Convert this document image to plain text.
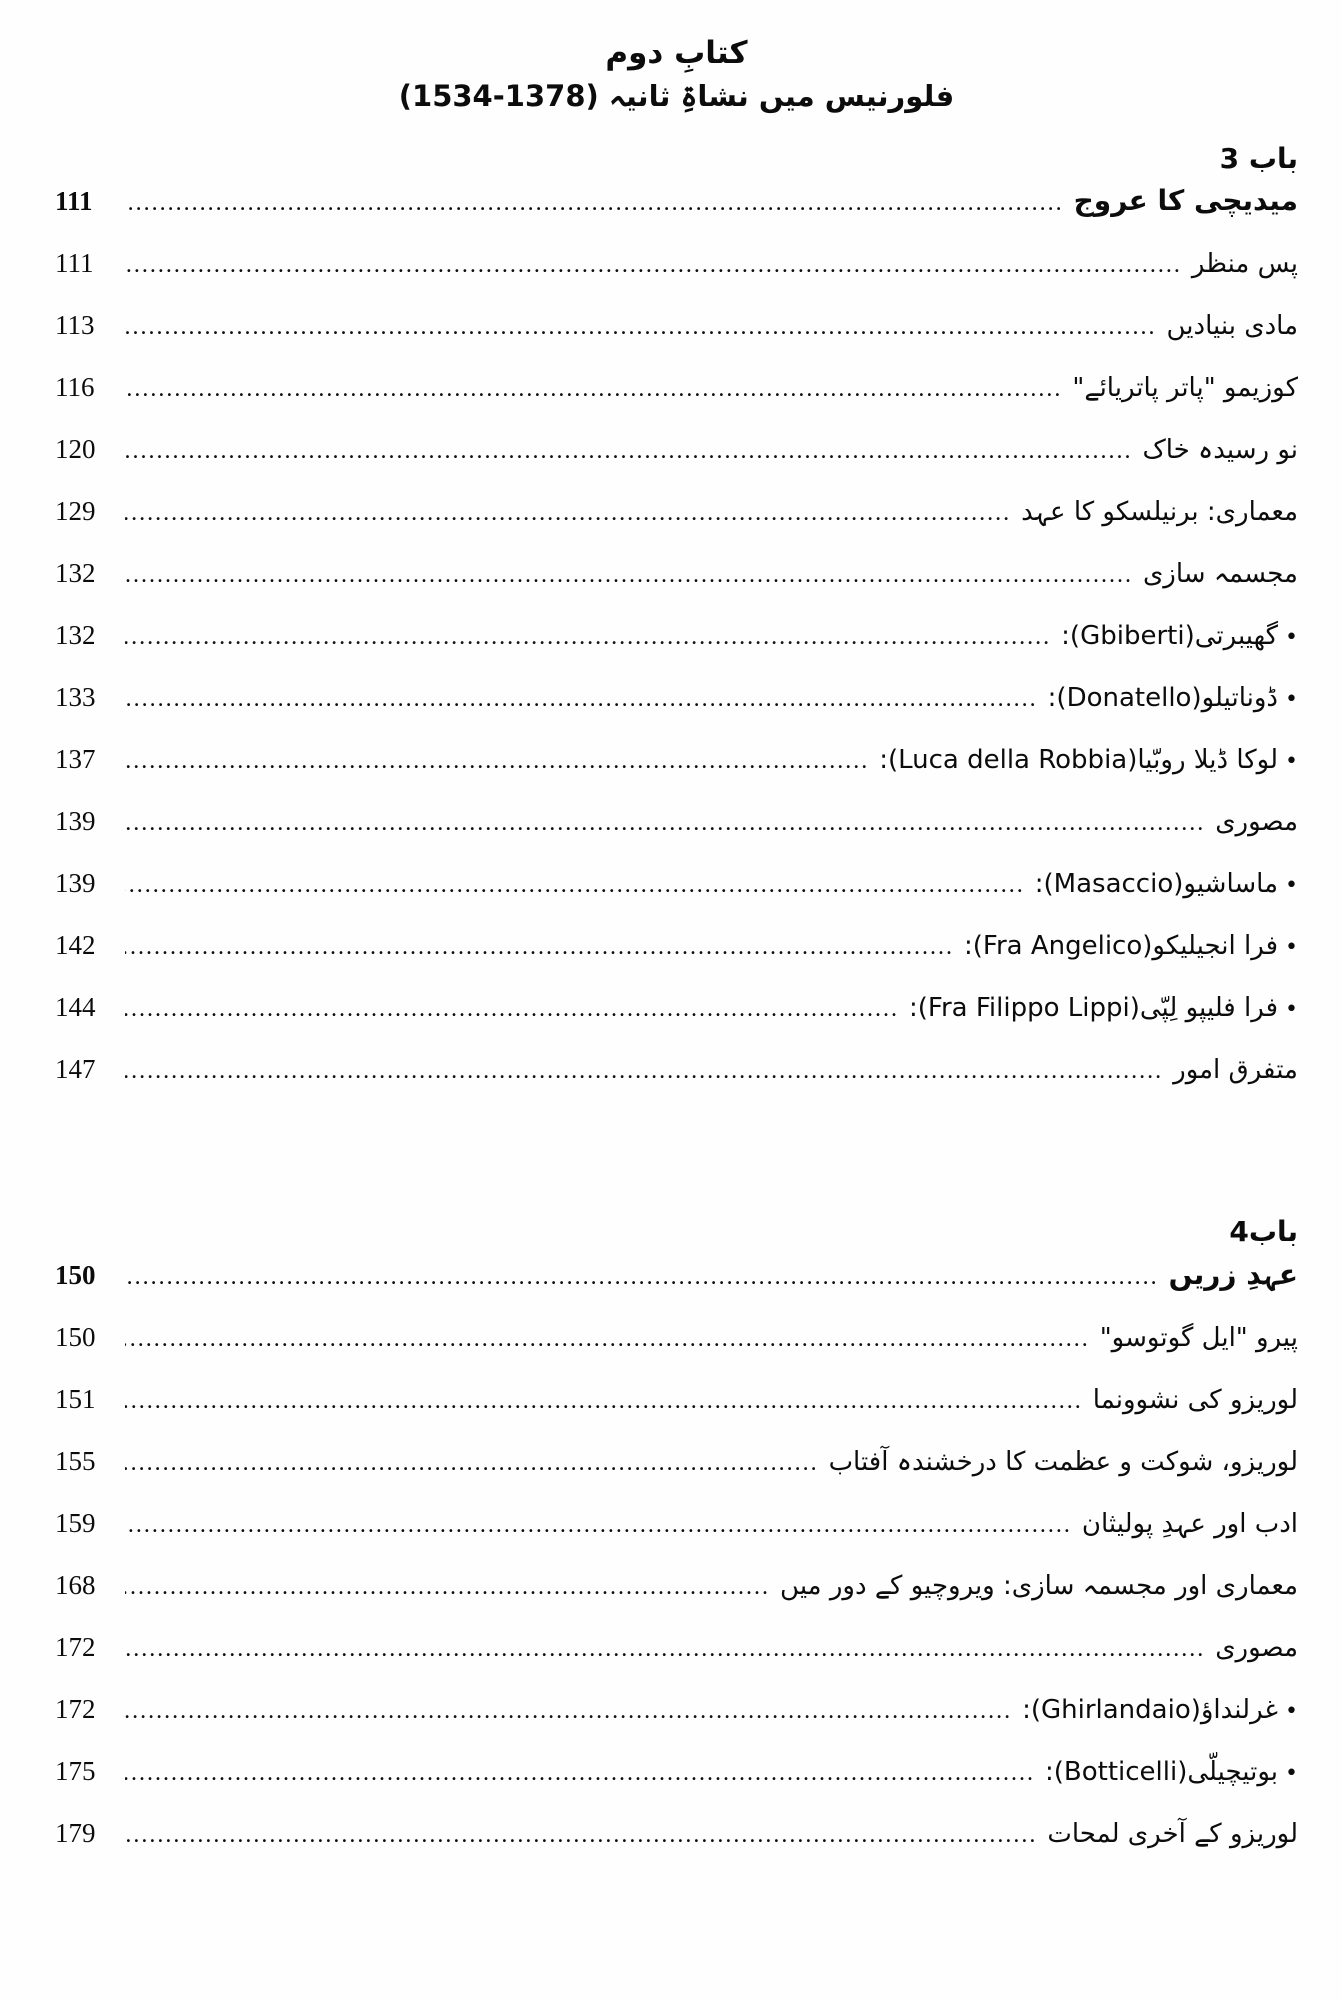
کتابِ دوم
فلورنیس میں نشاۃِ ثانیہ (1378-1534)
باب 3
میدیچی کا عروج
.....
111
پس منظر
.....
111
مادی بنیادیں
.....
113
کوزیمو "پاتر پاتریائے"
.....
116
نو رسیدہ خاک
.....
120
معماری: برنیلسکو کا عہد
.....
129
مجسمہ سازی
.....
132
• گھیبرتی(Gbiberti):
.....
132
• ڈوناتیلو(Donatello):
.....
133
• لوکا ڈیلا روبّیا(Luca della Robbia):
.....
137
مصوری
.....
139
• ماساشیو(Masaccio):
.....
139
• فرا انجیلیکو(Fra Angelico):
.....
142
• فرا فلیپو لِپّی(Fra Filippo Lippi):
.....
144
متفرق امور
.....
147
باب4
عہدِ زریں
.....
150
پیرو "ایل گوتوسو"
.....
150
لوریزو کی نشوونما
.....
151
لوریزو، شوکت و عظمت کا درخشندہ آفتاب
.....
155
ادب اور عہدِ پولیثان
.....
159
معماری اور مجسمہ سازی: ویروچیو کے دور میں
.....
168
مصوری
.....
172
• غرلنداؤ(Ghirlandaio):
.....
172
• بوتیچیلّی(Botticelli):
.....
175
لوریزو کے آخری لمحات
.....
179
